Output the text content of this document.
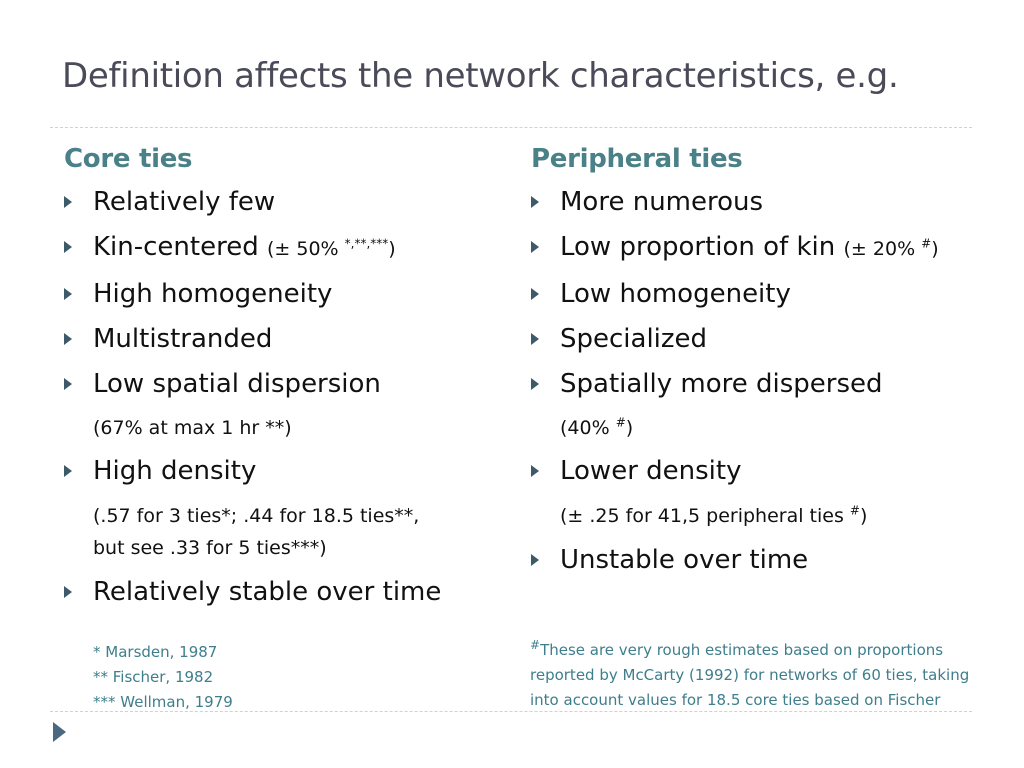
Definition affects the network characteristics, e.g.
Core ties
Relatively few
Kin-centered (± 50% *,**,***)
High homogeneity
Multistranded
Low spatial dispersion
(67% at max 1 hr **)
High density
(.57 for 3 ties*; .44 for 18.5 ties**,
but see .33 for 5 ties***)
Relatively stable over time
Peripheral ties
More numerous
Low proportion of kin (± 20% #)
Low homogeneity
Specialized
Spatially more dispersed
(40% #)
Lower density
(± .25 for 41,5 peripheral ties #)
Unstable over time
* Marsden, 1987
** Fischer, 1982
*** Wellman, 1979
#These are very rough estimates based on proportions
reported by McCarty (1992) for networks of 60 ties, taking
into account values for 18.5 core ties based on Fischer
